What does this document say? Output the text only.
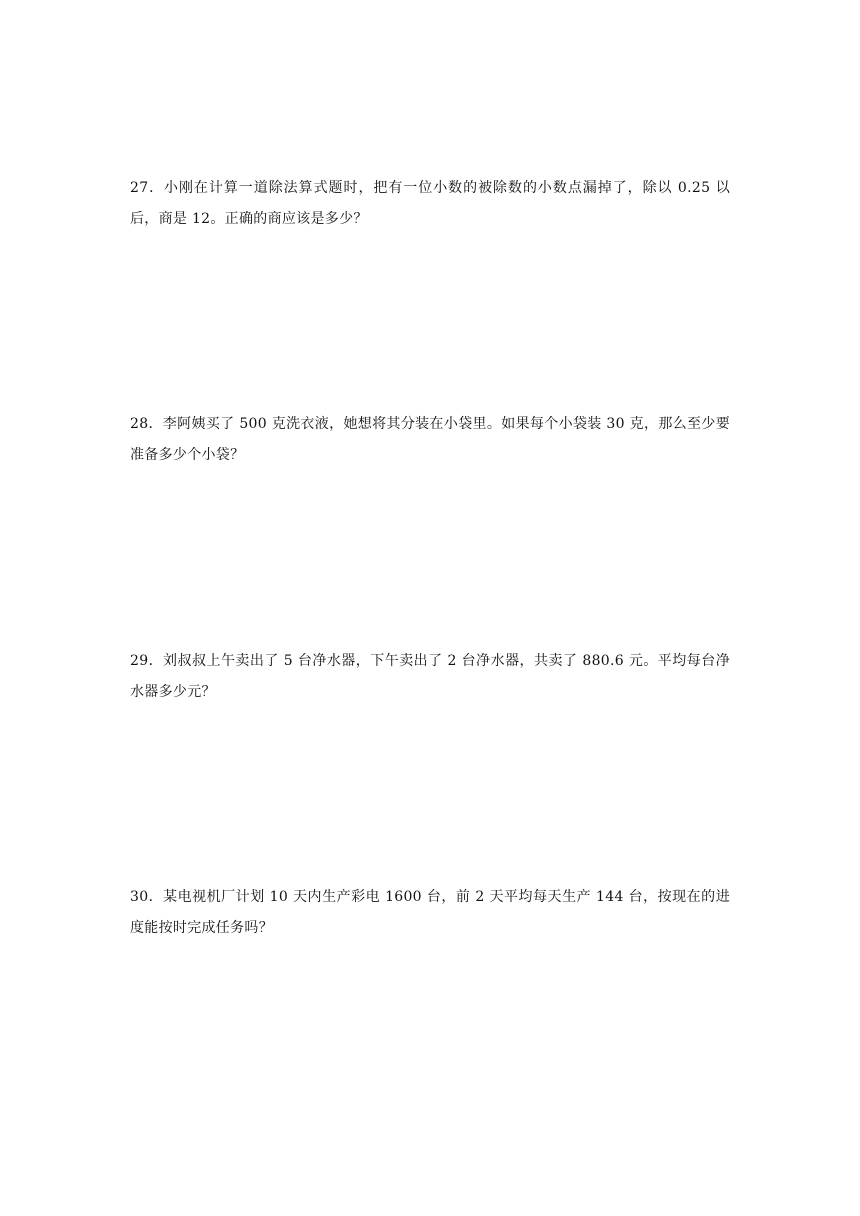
27．小刚在计算一道除法算式题时，把有一位小数的被除数的小数点漏掉了，除以 0.25 以后，商是 12。正确的商应该是多少？
28．李阿姨买了 500 克洗衣液，她想将其分装在小袋里。如果每个小袋装 30 克，那么至少要准备多少个小袋？
29．刘叔叔上午卖出了 5 台净水器，下午卖出了 2 台净水器，共卖了 880.6 元。平均每台净水器多少元？
30．某电视机厂计划 10 天内生产彩电 1600 台，前 2 天平均每天生产 144 台，按现在的进度能按时完成任务吗？
